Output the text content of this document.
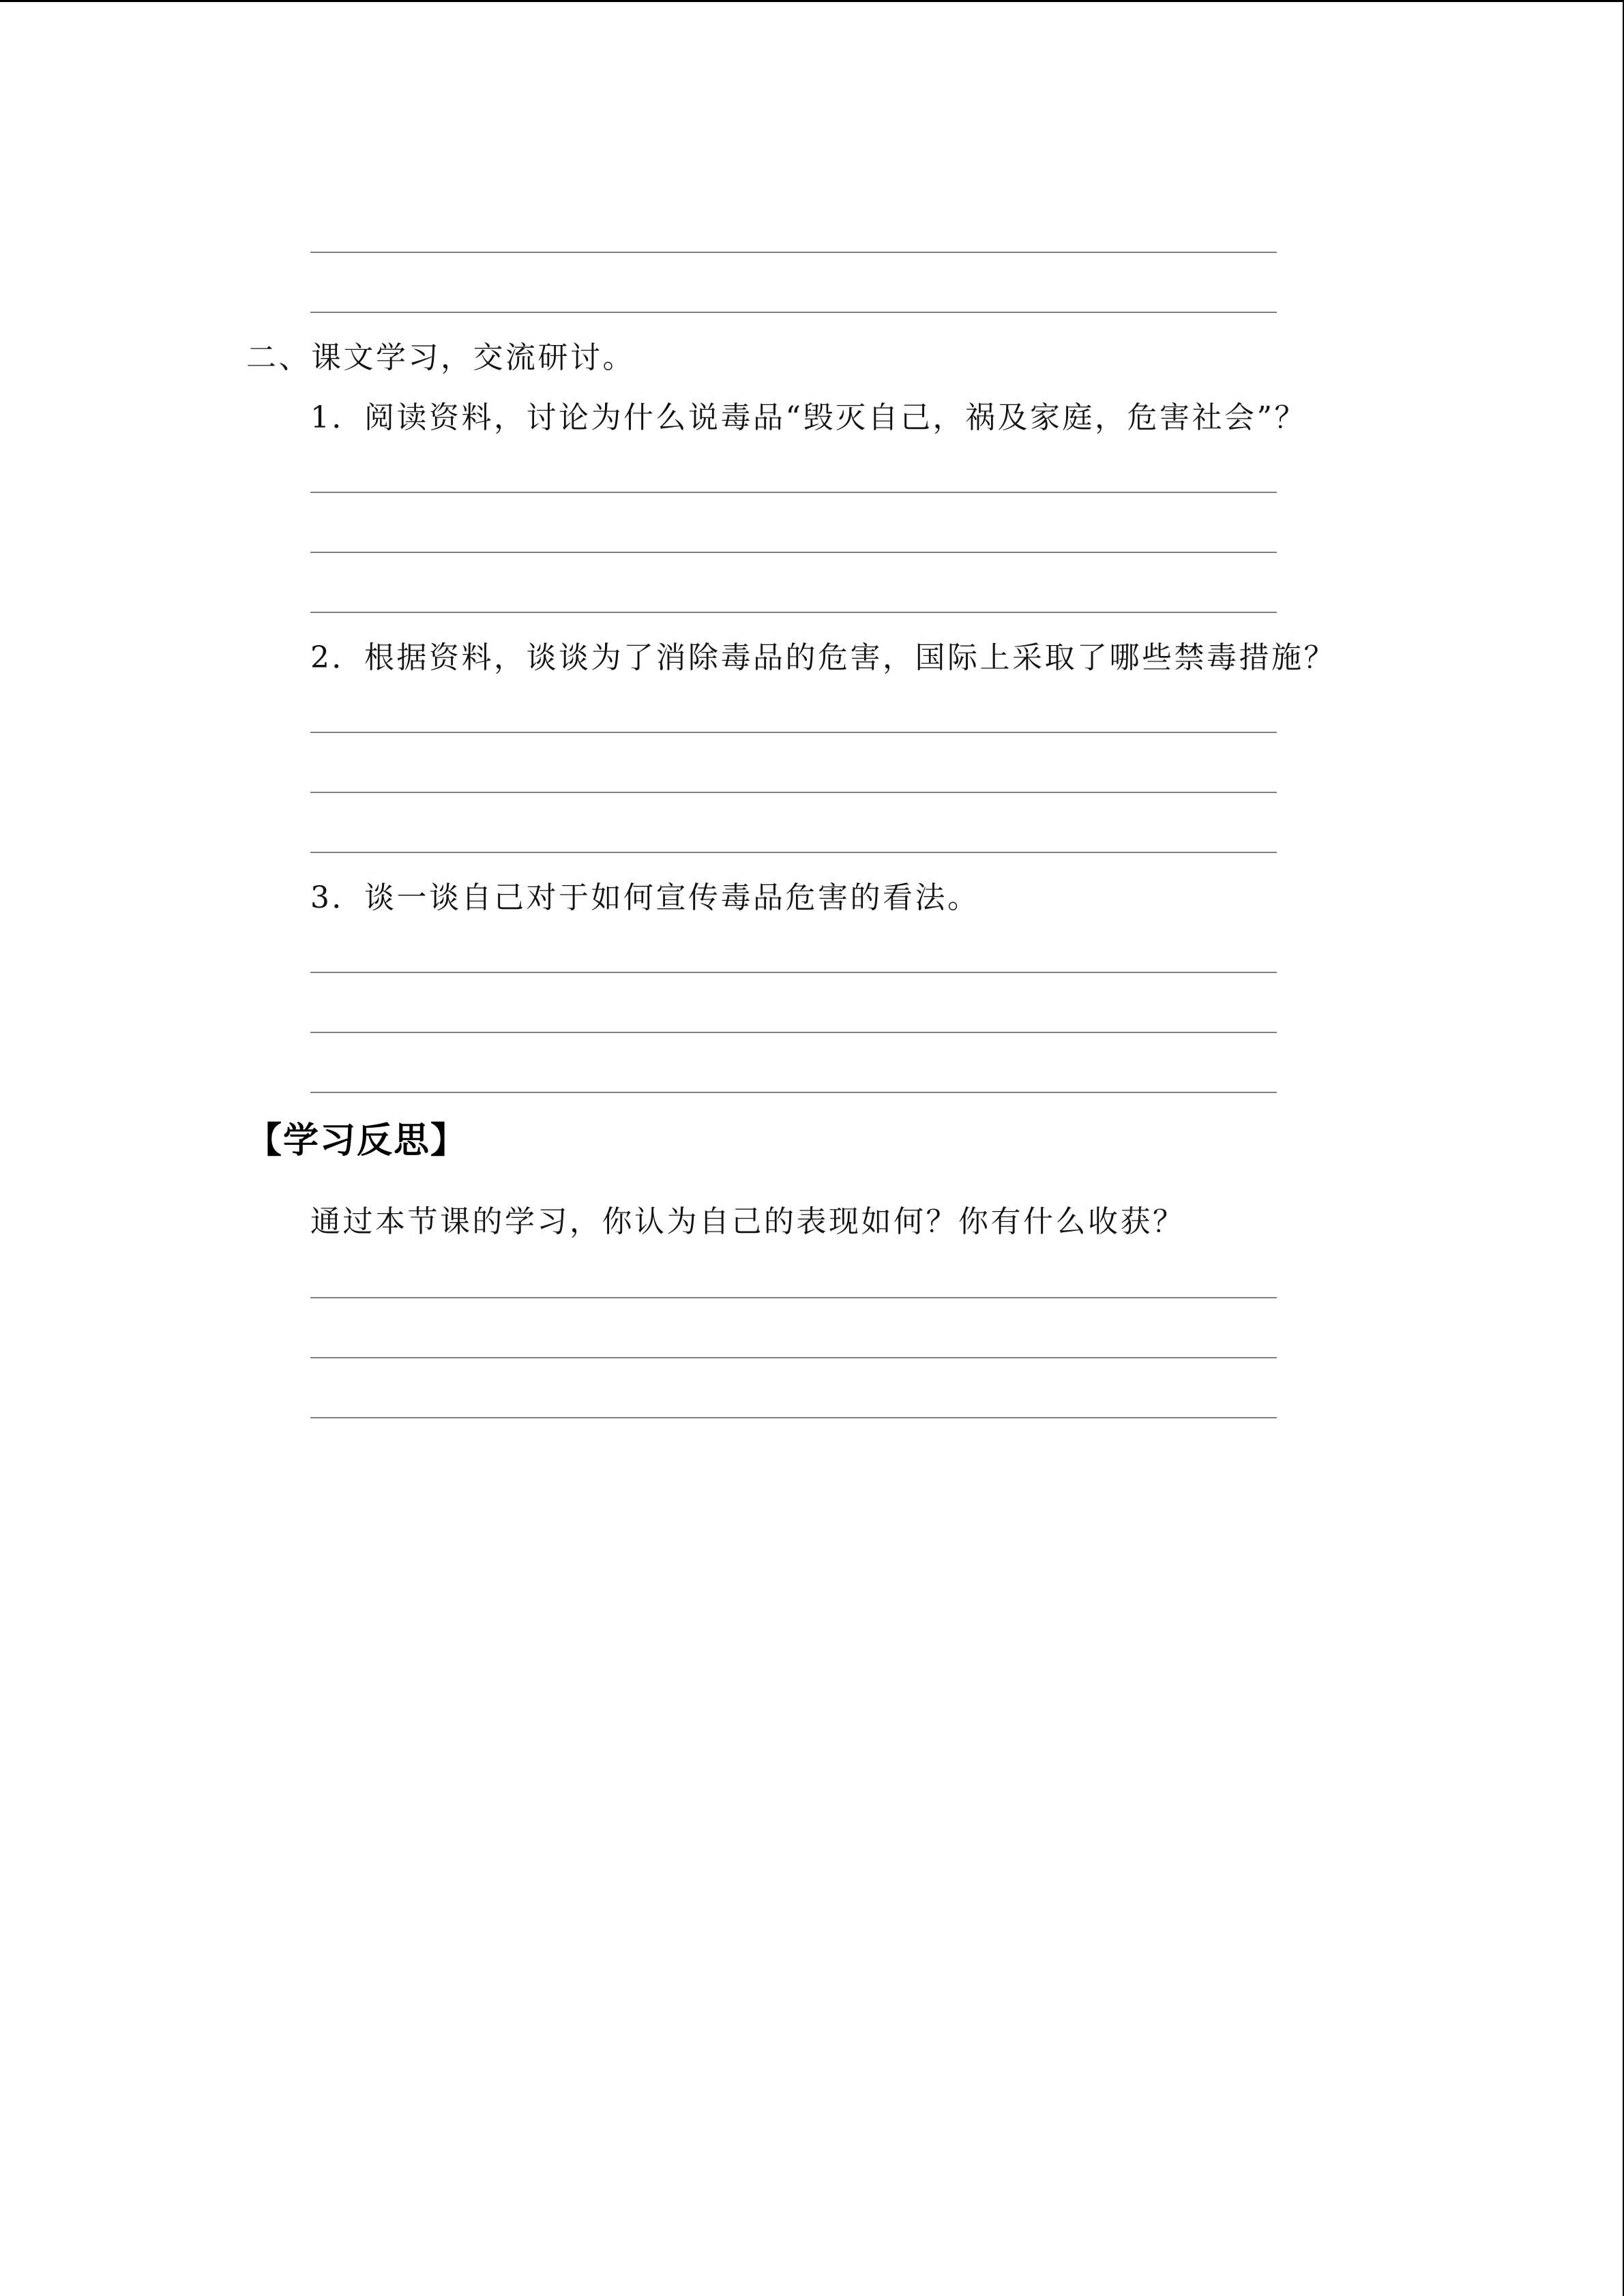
二、课文学习，交流研讨。
1．阅读资料，讨论为什么说毒品“毁灭自己，祸及家庭，危害社会”？
2．根据资料，谈谈为了消除毒品的危害，国际上采取了哪些禁毒措施？
3．谈一谈自己对于如何宣传毒品危害的看法。
【学习反思】
通过本节课的学习，你认为自己的表现如何？你有什么收获？
